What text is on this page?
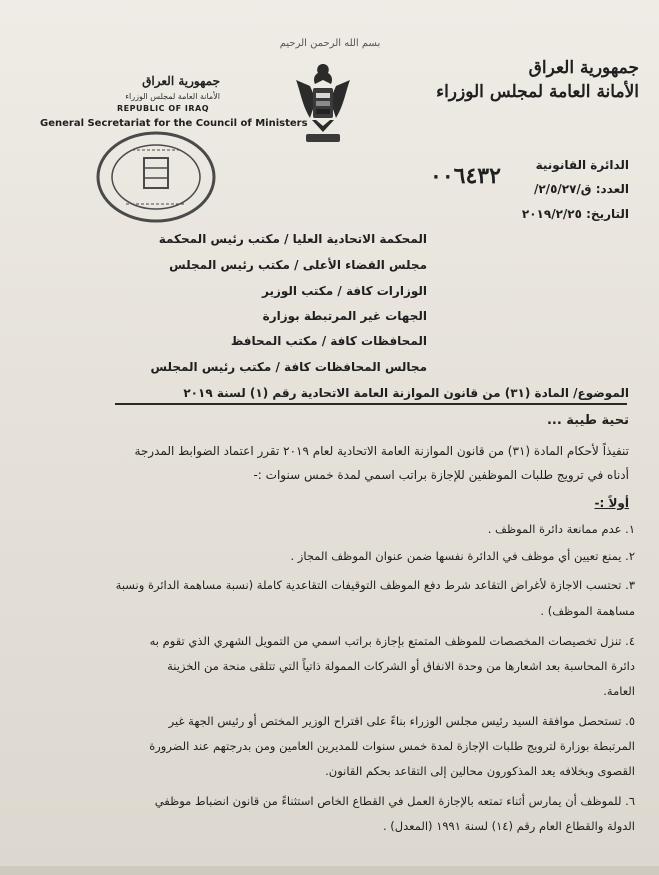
بسم الله الرحمن الرحيم
جمهورية العراق
الأمانة العامة لمجلس الوزراء
جمهورية العراق
الأمانة العامة لمجلس الوزراء
REPUBLIC OF IRAQ
General Secretariat for the Council of Ministers
الدائرة القانونية
العدد: ق/٢/٥/٢٧/
التاريخ: ٢٠١٩/٢/٢٥
٠٠٦٤٣٢
المحكمة الاتحادية العليا / مكتب رئيس المحكمة
مجلس القضاء الأعلى / مكتب رئيس المجلس
الوزارات كافة / مكتب الوزير
الجهات غير المرتبطة بوزارة
المحافظات كافة / مكتب المحافظ
مجالس المحافظات كافة / مكتب رئيس المجلس
الموضوع/ المادة (٣١) من قانون الموازنة العامة الاتحادية رقم (١) لسنة ٢٠١٩
تحية طيبة ...
تنفيذاً لأحكام المادة (٣١) من قانون الموازنة العامة الاتحادية لعام ٢٠١٩ تقرر اعتماد الضوابط المدرجة
أدناه في ترويج طلبات الموظفين للإجازة براتب اسمي لمدة خمس سنوات :-
أولاً :-
١. عدم ممانعة دائرة الموظف .
٢. يمنع تعيين أي موظف في الدائرة نفسها ضمن عنوان الموظف المجاز .
٣. تحتسب الاجازة لأغراض التقاعد شرط دفع الموظف التوقيفات التقاعدية كاملة (نسبة مساهمة الدائرة ونسبة
مساهمة الموظف) .
٤. تنزل تخصيصات المخصصات للموظف المتمتع بإجازة براتب اسمي من التمويل الشهري الذي تقوم به
دائرة المحاسبة بعد اشعارها من وحدة الانفاق أو الشركات الممولة ذاتياً التي تتلقى منحة من الخزينة
العامة.
٥. تستحصل موافقة السيد رئيس مجلس الوزراء بناءً على اقتراح الوزير المختص أو رئيس الجهة غير
المرتبطة بوزارة لترويج طلبات الإجازة لمدة خمس سنوات للمديرين العامين ومن بدرجتهم عند الضرورة
القصوى وبخلافه يعد المذكورون محالين إلى التقاعد بحكم القانون.
٦. للموظف أن يمارس أثناء تمتعه بالإجازة العمل في القطاع الخاص استثناءً من قانون انضباط موظفي
الدولة والقطاع العام رقم (١٤) لسنة ١٩٩١ (المعدل) .
